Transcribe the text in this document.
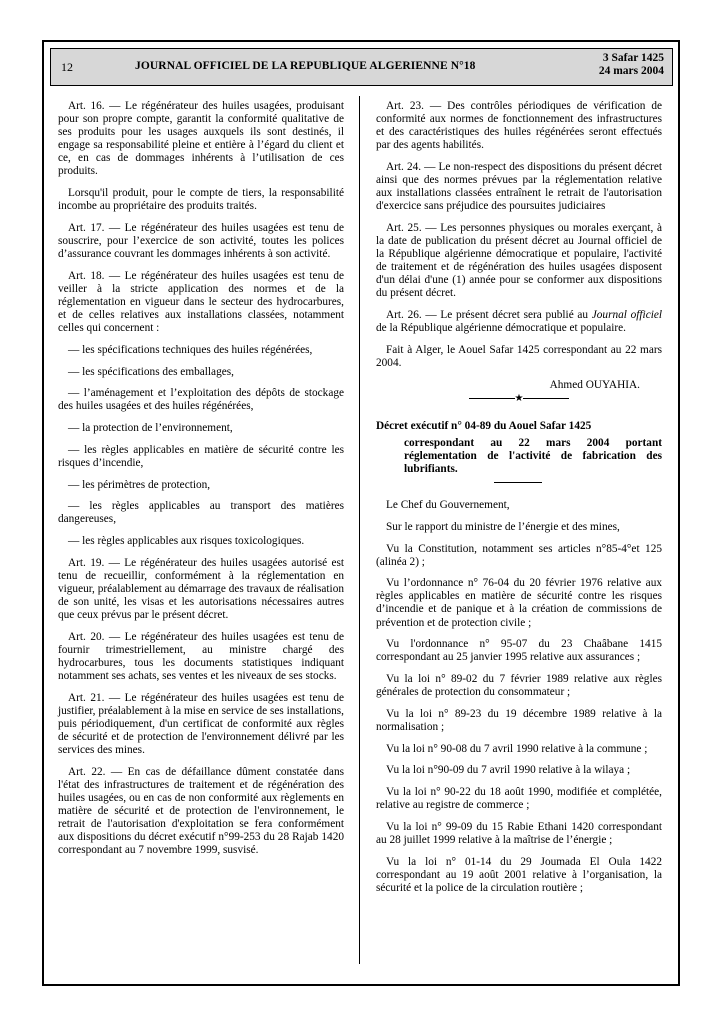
12	JOURNAL OFFICIEL DE LA REPUBLIQUE ALGERIENNE N°18
3 Safar 1425
24 mars 2004

Art. 16. — Le régénérateur des huiles usagées, produisant pour son propre compte, garantit la conformité qualitative de ses produits pour les usages auxquels ils sont destinés, il engage sa responsabilité pleine et entière à l’égard du client et ce, en cas de dommages inhérents à l’utilisation de ces produits.

Lorsqu'il produit, pour le compte de tiers, la responsabilité incombe au propriétaire des produits traités.

Art. 17. — Le régénérateur des huiles usagées est tenu de souscrire, pour l’exercice de son activité, toutes les polices d’assurance couvrant les dommages inhérents à son activité.

Art. 18. — Le régénérateur des huiles usagées est tenu de veiller à la stricte application des normes et de la réglementation en vigueur dans le secteur des hydrocarbures, et de celles relatives aux installations classées, notamment celles qui concernent :

— les spécifications techniques des huiles régénérées,

— les spécifications des emballages,

— l’aménagement et l’exploitation des dépôts de stockage des huiles usagées et des huiles régénérées,

— la protection de l’environnement,

— les règles applicables en matière de sécurité contre les risques d’incendie,

— les périmètres de protection,

— les règles applicables au transport des matières dangereuses,

— les règles applicables aux risques toxicologiques.

Art. 19. — Le régénérateur des huiles usagées autorisé est tenu de recueillir, conformément à la réglementation en vigueur, préalablement au démarrage des travaux de réalisation de son unité, les visas et les autorisations nécessaires autres que ceux prévus par le présent décret.

Art. 20. — Le régénérateur des huiles usagées est tenu de fournir trimestriellement, au ministre chargé des hydrocarbures, tous les documents statistiques indiquant notamment ses achats, ses ventes et les niveaux de ses stocks.

Art. 21. — Le régénérateur des huiles usagées est tenu de justifier, préalablement à la mise en service de ses installations, puis périodiquement, d'un certificat de conformité aux règles de sécurité et de protection de l'environnement délivré par les services des mines.

Art. 22. — En cas de défaillance dûment constatée dans l'état des infrastructures de traitement et de régénération des huiles usagées, ou en cas de non conformité aux règlements en matière de sécurité et de protection de l'environnement, le retrait de l'autorisation d'exploitation se fera conformément aux dispositions du décret exécutif n°99-253 du 28 Rajab 1420 correspondant au 7 novembre 1999, susvisé.

Art. 23. — Des contrôles périodiques de vérification de conformité aux normes de fonctionnement des infrastructures et des caractéristiques des huiles régénérées seront effectués par des agents habilités.

Art. 24. — Le non-respect des dispositions du présent décret ainsi que des normes prévues par la réglementation relative aux installations classées entraînent le retrait de l'autorisation d'exercice sans préjudice des poursuites judiciaires

Art. 25. — Les personnes physiques ou morales exerçant, à la date de publication du présent décret au Journal officiel de la République algérienne démocratique et populaire, l'activité de traitement et de régénération des huiles usagées disposent d'un délai d'une (1) année pour se conformer aux dispositions du présent décret.

Art. 26. — Le présent décret sera publié au Journal officiel de la République algérienne démocratique et populaire.

Fait à Alger, le Aouel Safar 1425 correspondant au 22 mars 2004.

Ahmed OUYAHIA.

★

Décret exécutif n° 04-89 du Aouel Safar 1425

correspondant au 22 mars 2004 portant réglementation de l'activité de fabrication des lubrifiants.

Le Chef du Gouvernement,

Sur le rapport du ministre de l’énergie et des mines,

Vu la Constitution, notamment ses articles n°85-4°et 125 (alinéa 2) ;

Vu l’ordonnance n° 76-04 du 20 février 1976 relative aux règles applicables en matière de sécurité contre les risques d’incendie et de panique et à la création de commissions de prévention et de protection civile ;

Vu l'ordonnance n° 95-07 du 23 Chaâbane 1415 correspondant au 25 janvier 1995 relative aux assurances ;

Vu la loi n° 89-02 du 7 février 1989 relative aux règles générales de protection du consommateur ;

Vu la loi n° 89-23 du 19 décembre 1989 relative à la normalisation ;

Vu la loi n° 90-08 du 7 avril 1990 relative à la commune ;

Vu la loi n°90-09 du 7 avril 1990 relative à la wilaya ;

Vu la loi n° 90-22 du 18 août 1990, modifiée et complétée, relative au registre de commerce ;

Vu la loi n° 99-09 du 15 Rabie Ethani 1420 correspondant au 28 juillet 1999 relative à la maîtrise de l’énergie ;

Vu la loi n° 01-14 du 29 Joumada El Oula 1422 correspondant au 19 août 2001 relative à l’organisation, la sécurité et la police de la circulation routière ;
